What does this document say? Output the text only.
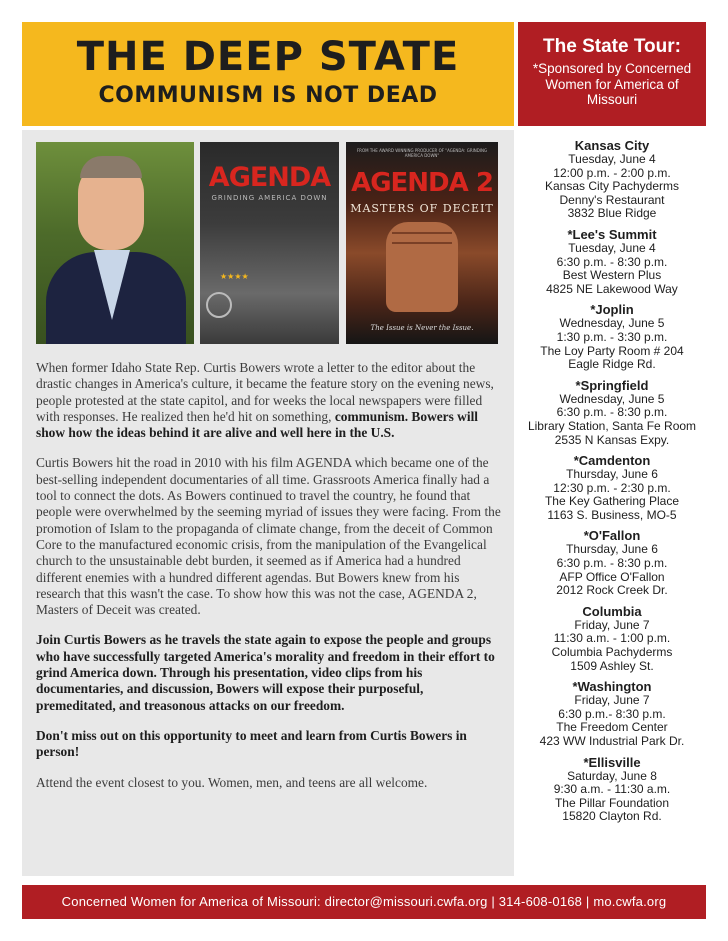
THE DEEP STATE
COMMUNISM IS NOT DEAD
The State Tour:
*Sponsored by Concerned Women for America of Missouri
AGENDA
GRINDING AMERICA DOWN
★★★★
FROM THE AWARD WINNING PRODUCER OF "AGENDA: GRINDING AMERICA DOWN"
AGENDA 2
MASTERS OF DECEIT
The Issue is Never the Issue.

When former Idaho State Rep. Curtis Bowers wrote a letter to the editor about the drastic changes in America's culture, it became the feature story on the evening news, people protested at the state capitol, and for weeks the local newspapers were filled with responses. He realized then he'd hit on something, communism. Bowers will show how the ideas behind it are alive and well here in the U.S.

Curtis Bowers hit the road in 2010 with his film AGENDA which became one of the best-selling independent documentaries of all time. Grassroots America finally had a tool to connect the dots. As Bowers continued to travel the country, he found that people were overwhelmed by the seeming myriad of issues they were facing. From the promotion of Islam to the propaganda of climate change, from the deceit of Common Core to the manufactured economic crisis, from the manipulation of the Evangelical church to the unsustainable debt burden, it seemed as if America had a hundred different enemies with a hundred different agendas. But Bowers knew from his research that this wasn't the case. To show how this was not the case, AGENDA 2, Masters of Deceit was created.

Join Curtis Bowers as he travels the state again to expose the people and groups who have successfully targeted America's morality and freedom in their effort to grind America down. Through his presentation, video clips from his documentaries, and discussion, Bowers will expose their purposeful, premeditated, and treasonous attacks on our freedom.

Don't miss out on this opportunity to meet and learn from Curtis Bowers in person!

Attend the event closest to you. Women, men, and teens are all welcome.

Kansas City
Tuesday, June 4
12:00 p.m. - 2:00 p.m.
Kansas City Pachyderms
Denny's Restaurant
3832 Blue Ridge
*Lee's Summit
Tuesday, June 4
6:30 p.m. - 8:30 p.m.
Best Western Plus
4825 NE Lakewood Way
*Joplin
Wednesday, June 5
1:30 p.m. - 3:30 p.m.
The Loy Party Room # 204
Eagle Ridge Rd.
*Springfield
Wednesday, June 5
6:30 p.m. - 8:30 p.m.
Library Station, Santa Fe Room
2535 N Kansas Expy.
*Camdenton
Thursday, June 6
12:30 p.m. - 2:30 p.m.
The Key Gathering Place
1163 S. Business, MO-5
*O'Fallon
Thursday, June 6
6:30 p.m. - 8:30 p.m.
AFP Office O'Fallon
2012 Rock Creek Dr.
Columbia
Friday, June 7
11:30 a.m. - 1:00 p.m.
Columbia Pachyderms
1509 Ashley St.
*Washington
Friday, June 7
6:30 p.m.- 8:30 p.m.
The Freedom Center
423 WW Industrial Park Dr.
*Ellisville
Saturday, June 8
9:30 a.m. - 11:30 a.m.
The Pillar Foundation
15820 Clayton Rd.
Concerned Women for America of Missouri: director@missouri.cwfa.org | 314-608-0168 | mo.cwfa.org
